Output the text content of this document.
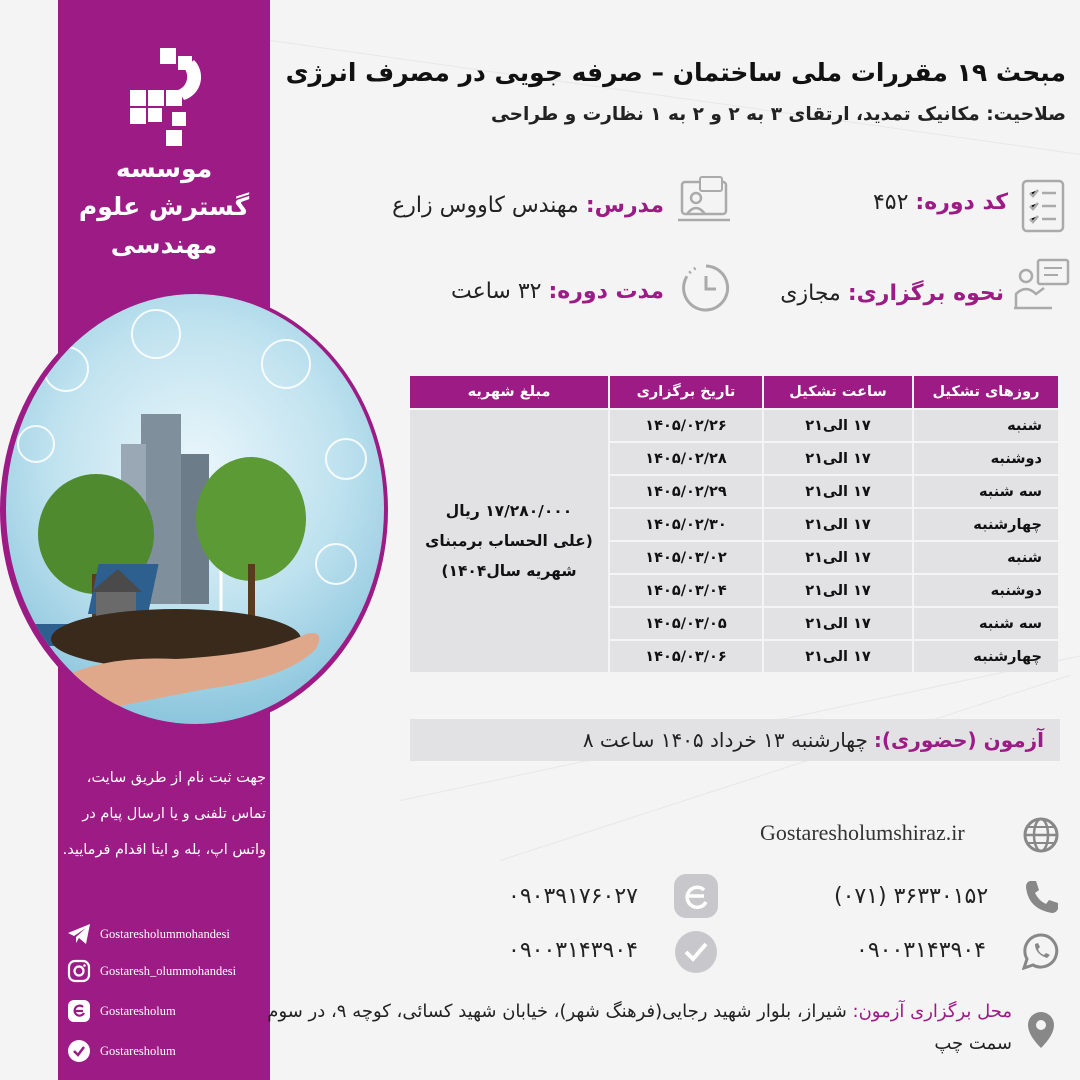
موسسه
گسترش علوم
مهندسی
جهت ثبت نام از طریق سایت، تماس تلفنی و یا ارسال پیام در واتس اپ، بله و ایتا اقدام فرمایید.
Gostaresholummohandesi
Gostaresh_olummohandesi
Gostaresholum
Gostaresholum
مبحث ۱۹ مقررات ملی ساختمان – صرفه جویی در مصرف انرژی
صلاحیت: مکانیک تمدید، ارتقای ۳ به ۲ و ۲ به ۱ نظارت و طراحی
کد دوره: ۴۵۲
مدرس: مهندس کاووس زارع
نحوه برگزاری: مجازی
مدت دوره: ۳۲ ساعت
روزهای تشکیل	ساعت تشکیل	تاریخ برگزاری	مبلغ شهریه
شنبه	۱۷ الی۲۱	۱۴۰۵/۰۲/۲۶	۱۷/۲۸۰/۰۰۰ ریال
(علی الحساب برمبنای
شهریه سال۱۴۰۴)

دوشنبه	۱۷ الی۲۱	۱۴۰۵/۰۲/۲۸	
سه شنبه	۱۷ الی۲۱	۱۴۰۵/۰۲/۲۹	
چهارشنبه	۱۷ الی۲۱	۱۴۰۵/۰۲/۳۰	
شنبه	۱۷ الی۲۱	۱۴۰۵/۰۳/۰۲	
دوشنبه	۱۷ الی۲۱	۱۴۰۵/۰۳/۰۴	
سه شنبه	۱۷ الی۲۱	۱۴۰۵/۰۳/۰۵	
چهارشنبه	۱۷ الی۲۱	۱۴۰۵/۰۳/۰۶	
آزمون (حضوری):
چهارشنبه ۱۳ خرداد ۱۴۰۵ ساعت ۸
Gostaresholumshiraz.ir
(۰۷۱) ۳۶۳۳۰۱۵۲
۰۹۰۰۳۱۴۳۹۰۴
۰۹۰۳۹۱۷۶۰۲۷
۰۹۰۰۳۱۴۳۹۰۴
محل برگزاری آزمون: شیراز، بلوار شهید رجایی(فرهنگ شهر)، خیابان شهید کسائی، کوچه ۹، در سوم سمت چپ
